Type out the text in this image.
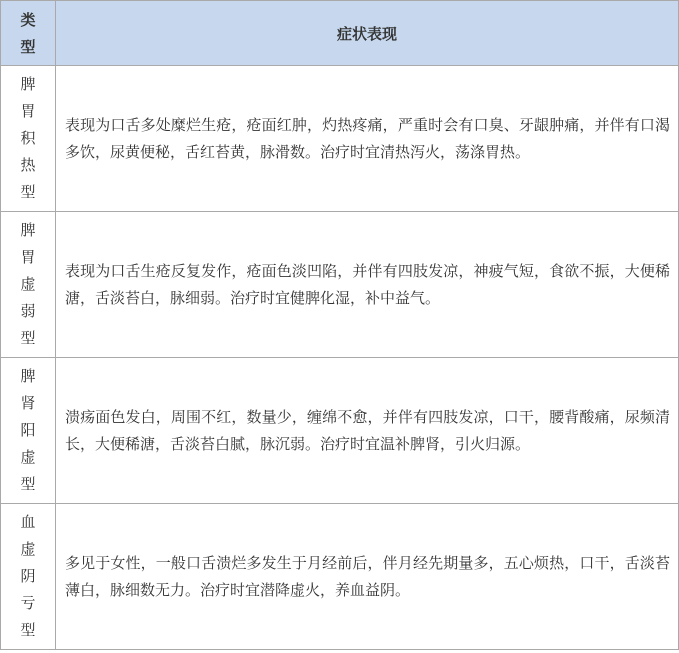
类
型	症状表现

脾
胃
积
热
型	表现为口舌多处糜烂生疮，疮面红肿，灼热疼痛，严重时会有口臭、牙龈肿痛，并伴有口渴多饮，尿黄便秘，舌红苔黄，脉滑数。治疗时宜清热泻火，荡涤胃热。

脾
胃
虚
弱
型	表现为口舌生疮反复发作，疮面色淡凹陷，并伴有四肢发凉，神疲气短，食欲不振，大便稀溏，舌淡苔白，脉细弱。治疗时宜健脾化湿，补中益气。

脾
肾
阳
虚
型	溃疡面色发白，周围不红，数量少，缠绵不愈，并伴有四肢发凉，口干，腰背酸痛，尿频清长，大便稀溏，舌淡苔白腻，脉沉弱。治疗时宜温补脾肾，引火归源。

血
虚
阴
亏
型	多见于女性，一般口舌溃烂多发生于月经前后，伴月经先期量多，五心烦热，口干，舌淡苔薄白，脉细数无力。治疗时宜潜降虚火，养血益阴。
